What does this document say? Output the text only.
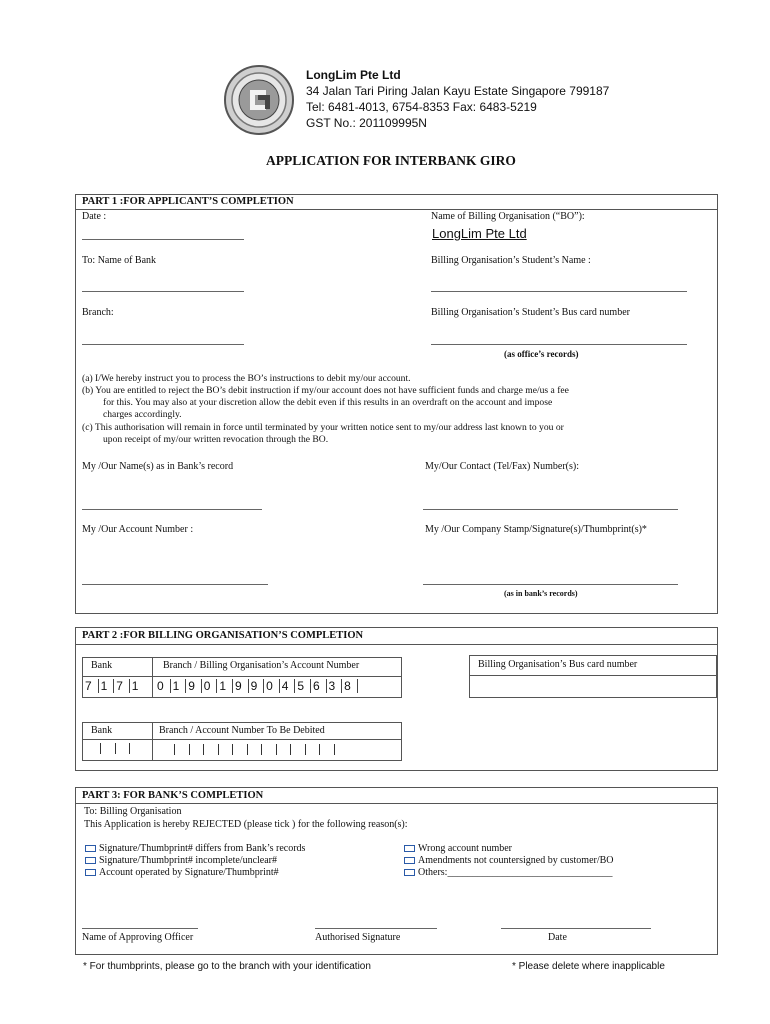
LongLim Pte Ltd
34 Jalan Tari Piring Jalan Kayu Estate Singapore 799187
Tel: 6481-4013, 6754-8353 Fax: 6483-5219
GST No.: 201109995N
APPLICATION FOR INTERBANK GIRO
PART 1 :FOR APPLICANT’S COMPLETION
Date :	Name of Billing Organisation (“BO”):
LongLim Pte Ltd
To: Name of Bank	Billing Organisation’s Student’s Name :
Branch:	Billing Organisation’s Student’s Bus card number
(as office’s records)
(a) I/We hereby instruct you to process the BO’s instructions to debit my/our account.
(b) You are entitled to reject the BO’s debit instruction if my/our account does not have sufficient funds and charge me/us a fee
for this. You may also at your discretion allow the debit even if this results in an overdraft on the account and impose
charges accordingly.
(c) This authorisation will remain in force until terminated by your written notice sent to my/our address last known to you or
upon receipt of my/our written revocation through the BO.
My /Our Name(s) as in Bank’s record	My/Our Contact (Tel/Fax) Number(s):
My /Our Account Number :	My /Our Company Stamp/Signature(s)/Thumbprint(s)*
(as in bank’s records)
PART 2 :FOR BILLING ORGANISATION’S COMPLETION
Bank	Branch / Billing Organisation’s Account Number
7 1 7 1	0 1 9 0 1 9 9 0 4 5 6 3 8
Billing Organisation’s Bus card number
Bank	Branch / Account Number To Be Debited
PART 3: FOR BANK’S COMPLETION
To: Billing Organisation
This Application is hereby REJECTED (please tick ) for the following reason(s):
Signature/Thumbprint# differs from Bank’s records
Signature/Thumbprint# incomplete/unclear#
Account operated by Signature/Thumbprint#
Wrong account number
Amendments not countersigned by customer/BO
Others:_________________________________
Name of Approving Officer	Authorised Signature	Date
* For thumbprints, please go to the branch with your identification	* Please delete where inapplicable
